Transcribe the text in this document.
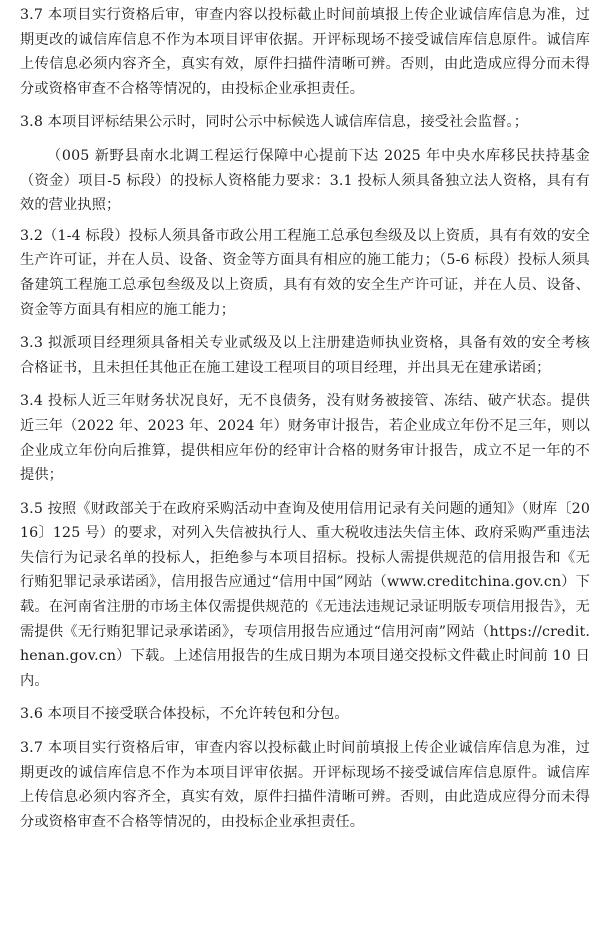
3.7 本项目实行资格后审，审查内容以投标截止时间前填报上传企业诚信库信息为准，过期更改的诚信库信息不作为本项目评审依据。开评标现场不接受诚信库信息原件。诚信库上传信息必须内容齐全，真实有效，原件扫描件清晰可辨。否则，由此造成应得分而未得分或资格审查不合格等情况的，由投标企业承担责任。

3.8 本项目评标结果公示时，同时公示中标候选人诚信库信息，接受社会监督。；

（005 新野县南水北调工程运行保障中心提前下达 2025 年中央水库移民扶持基金（资金）项目-5 标段）的投标人资格能力要求：3.1 投标人须具备独立法人资格，具有有效的营业执照；

3.2（1-4 标段）投标人须具备市政公用工程施工总承包叁级及以上资质，具有有效的安全生产许可证，并在人员、设备、资金等方面具有相应的施工能力；（5-6 标段）投标人须具备建筑工程施工总承包叁级及以上资质，具有有效的安全生产许可证，并在人员、设备、资金等方面具有相应的施工能力；

3.3 拟派项目经理须具备相关专业贰级及以上注册建造师执业资格，具备有效的安全考核合格证书，且未担任其他正在施工建设工程项目的项目经理，并出具无在建承诺函；

3.4 投标人近三年财务状况良好，无不良债务，没有财务被接管、冻结、破产状态。提供近三年（2022 年、2023 年、2024 年）财务审计报告，若企业成立年份不足三年，则以企业成立年份向后推算，提供相应年份的经审计合格的财务审计报告，成立不足一年的不提供；

3.5 按照《财政部关于在政府采购活动中查询及使用信用记录有关问题的通知》（财库〔2016〕125 号）的要求，对列入失信被执行人、重大税收违法失信主体、政府采购严重违法失信行为记录名单的投标人，拒绝参与本项目招标。投标人需提供规范的信用报告和《无行贿犯罪记录承诺函》，信用报告应通过“信用中国”网站（www.creditchina.gov.cn）下载。在河南省注册的市场主体仅需提供规范的《无违法违规记录证明版专项信用报告》，无需提供《无行贿犯罪记录承诺函》，专项信用报告应通过“信用河南”网站（https://credit.henan.gov.cn）下载。上述信用报告的生成日期为本项目递交投标文件截止时间前 10 日内。

3.6 本项目不接受联合体投标，不允许转包和分包。

3.7 本项目实行资格后审，审查内容以投标截止时间前填报上传企业诚信库信息为准，过期更改的诚信库信息不作为本项目评审依据。开评标现场不接受诚信库信息原件。诚信库上传信息必须内容齐全，真实有效，原件扫描件清晰可辨。否则，由此造成应得分而未得分或资格审查不合格等情况的，由投标企业承担责任。
